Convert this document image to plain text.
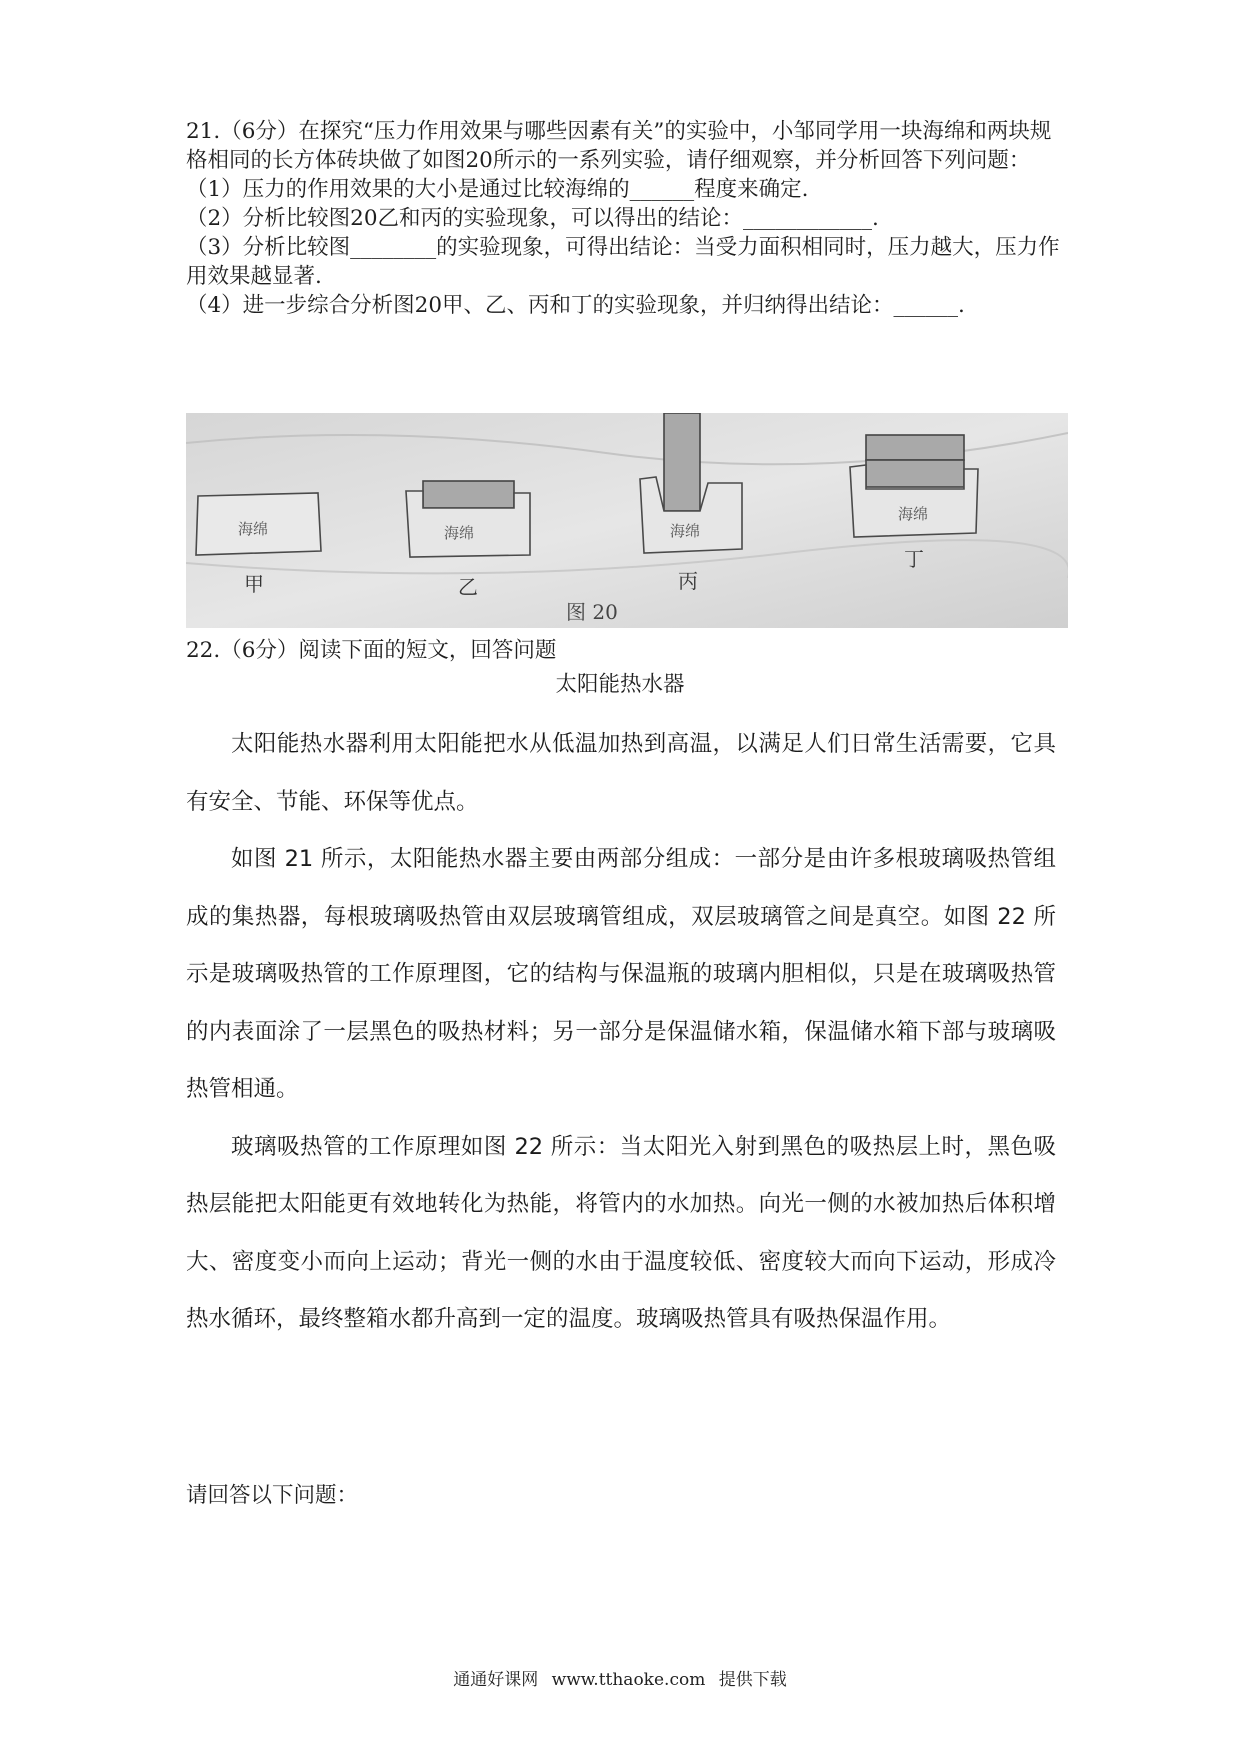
21.（6分）在探究“压力作用效果与哪些因素有关”的实验中，小邹同学用一块海绵和两块规格相同的长方体砖块做了如图20所示的一系列实验，请仔细观察，并分析回答下列问题：

（1）压力的作用效果的大小是通过比较海绵的______程度来确定.

（2）分析比较图20乙和丙的实验现象，可以得出的结论：____________.

（3）分析比较图________的实验现象，可得出结论：当受力面积相同时，压力越大，压力作用效果越显著.

（4）进一步综合分析图20甲、乙、丙和丁的实验现象，并归纳得出结论：______.

海绵
甲
海绵
乙
海绵
丙
海绵
丁
图 20
22.（6分）阅读下面的短文，回答问题
太阳能热水器

太阳能热水器利用太阳能把水从低温加热到高温，以满足人们日常生活需要，它具有安全、节能、环保等优点。

如图 21 所示，太阳能热水器主要由两部分组成：一部分是由许多根玻璃吸热管组成的集热器，每根玻璃吸热管由双层玻璃管组成，双层玻璃管之间是真空。如图 22 所示是玻璃吸热管的工作原理图，它的结构与保温瓶的玻璃内胆相似，只是在玻璃吸热管的内表面涂了一层黑色的吸热材料；另一部分是保温储水箱，保温储水箱下部与玻璃吸热管相通。

玻璃吸热管的工作原理如图 22 所示：当太阳光入射到黑色的吸热层上时，黑色吸热层能把太阳能更有效地转化为热能，将管内的水加热。向光一侧的水被加热后体积增大、密度变小而向上运动；背光一侧的水由于温度较低、密度较大而向下运动，形成冷热水循环，最终整箱水都升高到一定的温度。玻璃吸热管具有吸热保温作用。

请回答以下问题：
通通好课网 www.tthaoke.com 提供下载
